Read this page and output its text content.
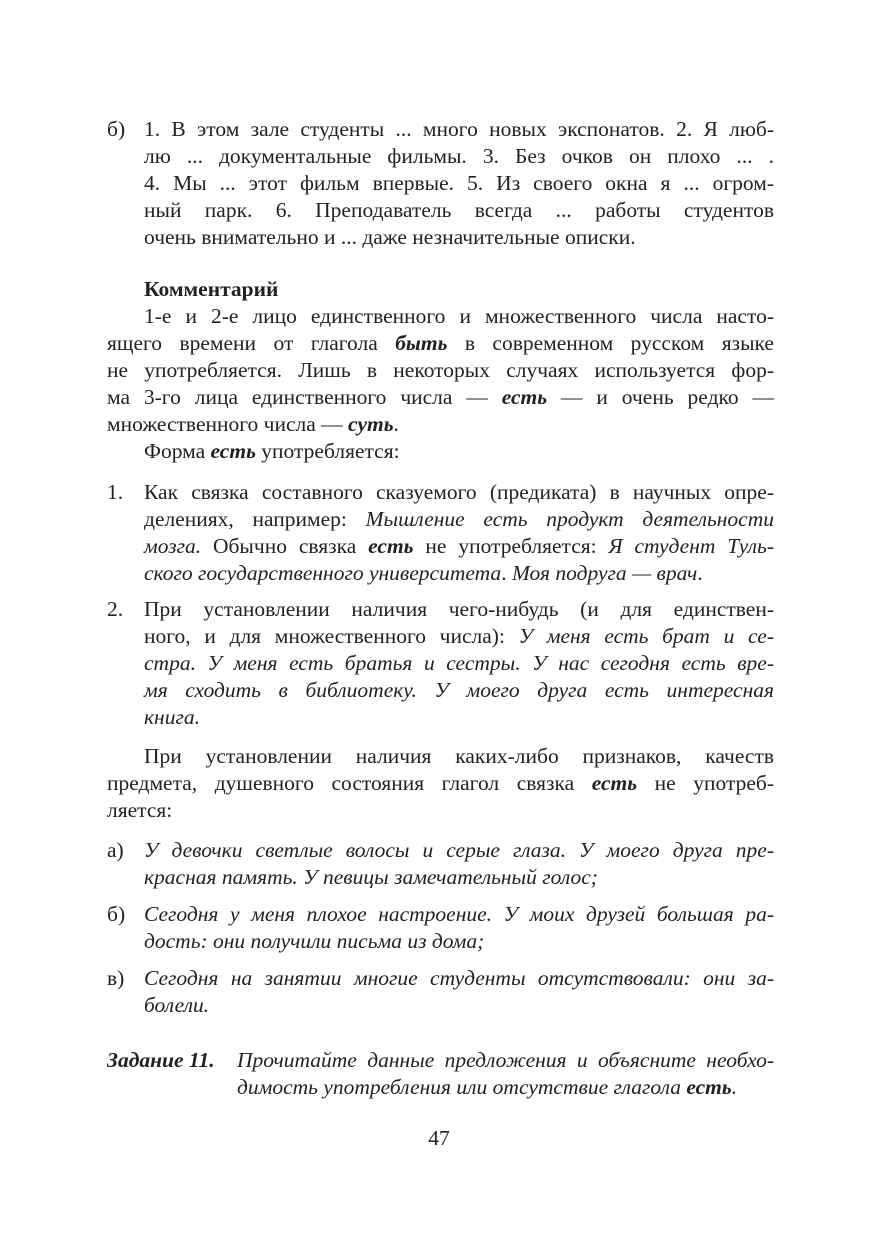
б) 1. В этом зале студенты ... много новых экспонатов. 2. Я люб-
лю ... документальные фильмы. 3. Без очков он плохо ... .
4. Мы ... этот фильм впервые. 5. Из своего окна я ... огром-
ный парк. 6. Преподаватель всегда ... работы студентов
очень внимательно и ... даже незначительные описки.
Комментарий
1-е и 2-е лицо единственного и множественного числа насто-
ящего времени от глагола быть в современном русском языке
не употребляется. Лишь в некоторых случаях используется фор-
ма 3-го лица единственного числа — есть — и очень редко —
множественного числа — суть.
Форма есть употребляется:
1. Как связка составного сказуемого (предиката) в научных опре-
делениях, например: Мышление есть продукт деятельности
мозга. Обычно связка есть не употребляется: Я студент Туль-
ского государственного университета. Моя подруга — врач.
2. При установлении наличия чего-нибудь (и для единствен-
ного, и для множественного числа): У меня есть брат и се-
стра. У меня есть братья и сестры. У нас сегодня есть вре-
мя сходить в библиотеку. У моего друга есть интересная
книга.
При установлении наличия каких-либо признаков, качеств
предмета, душевного состояния глагол связка есть не употреб-
ляется:
а) У девочки светлые волосы и серые глаза. У моего друга пре-
красная память. У певицы замечательный голос;
б) Сегодня у меня плохое настроение. У моих друзей большая ра-
дость: они получили письма из дома;
в) Сегодня на занятии многие студенты отсутствовали: они за-
болели.
Задание 11. Прочитайте данные предложения и объясните необхо-
димость употребления или отсутствие глагола есть.
47
